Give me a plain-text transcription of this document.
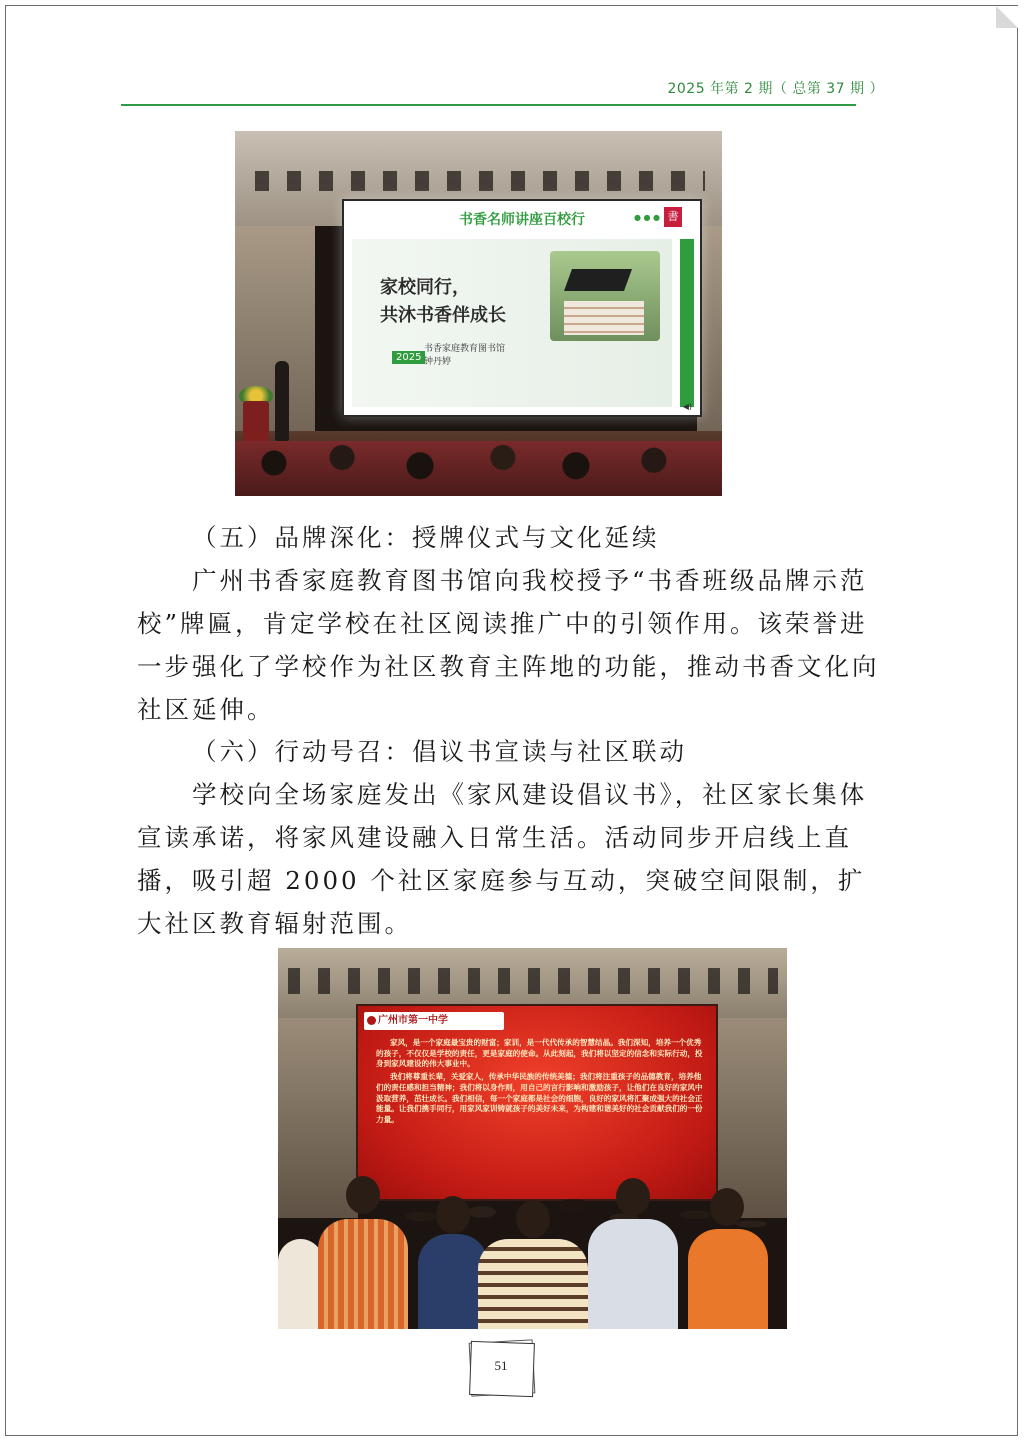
2025 年第 2 期（ 总第 37 期 ）
书香名师讲座百校行	● ● ● 書
家校同行，
共沐书香伴成长
2025
书香家庭教育图书馆
钟丹婷
◀)

（五）品牌深化：授牌仪式与文化延续

广州书香家庭教育图书馆向我校授予“书香班级品牌示范校”牌匾，肯定学校在社区阅读推广中的引领作用。该荣誉进一步强化了学校作为社区教育主阵地的功能，推动书香文化向社区延伸。

（六）行动号召：倡议书宣读与社区联动

学校向全场家庭发出《家风建设倡议书》，社区家长集体宣读承诺，将家风建设融入日常生活。活动同步开启线上直播，吸引超 2000 个社区家庭参与互动，突破空间限制，扩大社区教育辐射范围。

广州市第一中学

家风，是一个家庭最宝贵的财富；家训，是一代代传承的智慧结晶。我们深知，培养一个优秀的孩子，不仅仅是学校的责任，更是家庭的使命。从此刻起，我们将以坚定的信念和实际行动，投身到家风建设的伟大事业中。

我们将尊重长辈，关爱家人，传承中华民族的传统美德；我们将注重孩子的品德教育，培养他们的责任感和担当精神；我们将以身作则，用自己的言行影响和激励孩子，让他们在良好的家风中汲取营养，茁壮成长。我们相信，每一个家庭都是社会的细胞，良好的家风将汇聚成强大的社会正能量。让我们携手同行，用家风家训铸就孩子的美好未来，为构建和谐美好的社会贡献我们的一份力量。

51
